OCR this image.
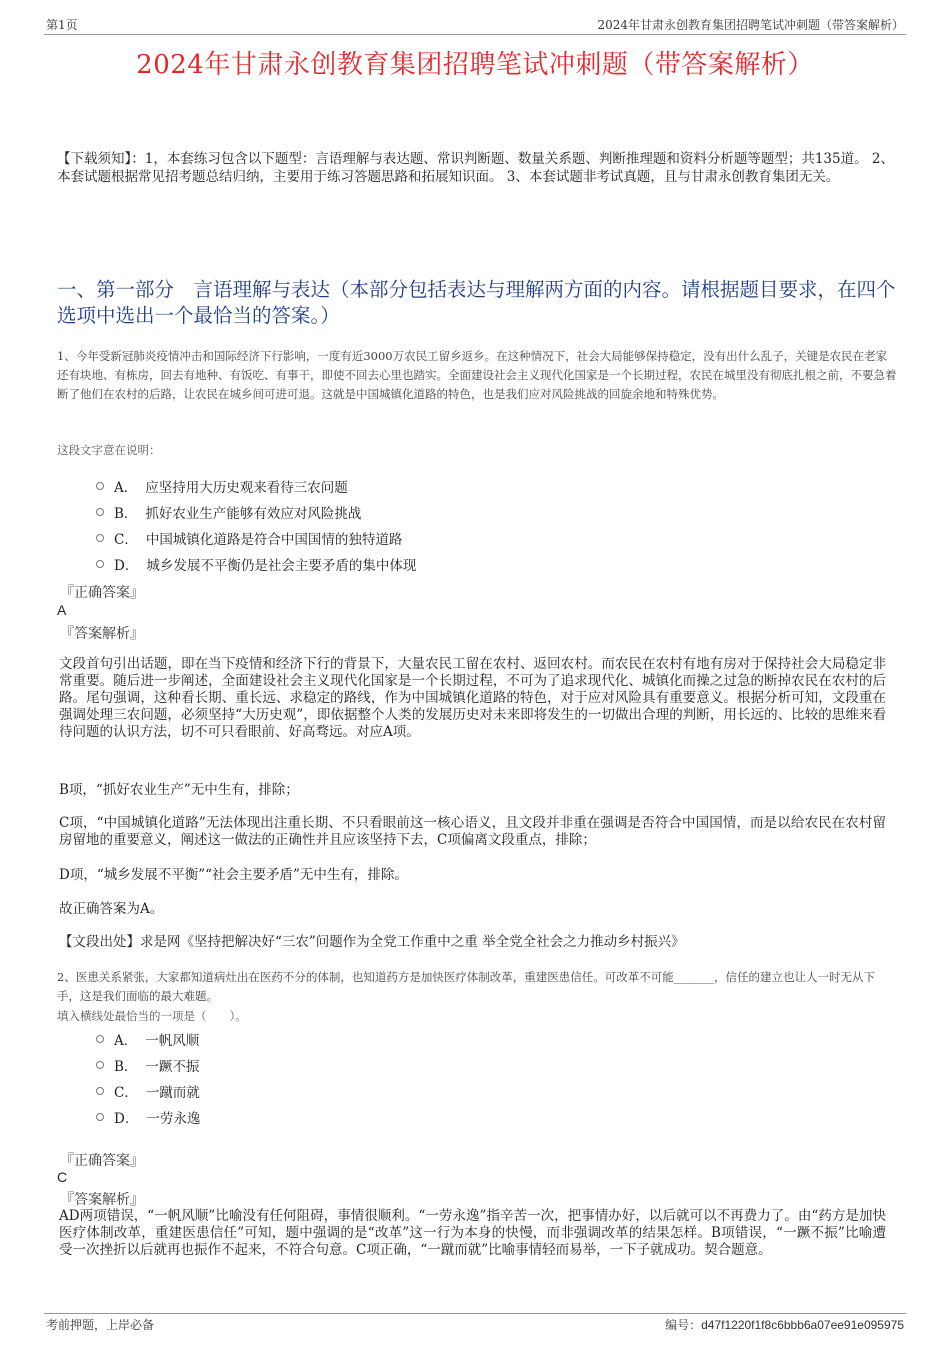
第1页	2024年甘肃永创教育集团招聘笔试冲刺题（带答案解析）
2024年甘肃永创教育集团招聘笔试冲刺题（带答案解析）
【下载须知】：1，本套练习包含以下题型：言语理解与表达题、常识判断题、数量关系题、判断推理题和资料分析题等题型；共135道。 2、本套试题根据常见招考题总结归纳，主要用于练习答题思路和拓展知识面。 3、本套试题非考试真题，且与甘肃永创教育集团无关。
一、第一部分　言语理解与表达（本部分包括表达与理解两方面的内容。请根据题目要求，在四个选项中选出一个最恰当的答案。）
1、今年受新冠肺炎疫情冲击和国际经济下行影响，一度有近3000万农民工留乡返乡。在这种情况下，社会大局能够保持稳定，没有出什么乱子，关键是农民在老家还有块地、有栋房，回去有地种、有饭吃、有事干，即使不回去心里也踏实。全面建设社会主义现代化国家是一个长期过程，农民在城里没有彻底扎根之前，不要急着断了他们在农村的后路，让农民在城乡间可进可退。这就是中国城镇化道路的特色，也是我们应对风险挑战的回旋余地和特殊优势。
这段文字意在说明：
A． 应坚持用大历史观来看待三农问题
B． 抓好农业生产能够有效应对风险挑战
C． 中国城镇化道路是符合中国国情的独特道路
D． 城乡发展不平衡仍是社会主要矛盾的集中体现
『正确答案』
A
『答案解析』
文段首句引出话题，即在当下疫情和经济下行的背景下，大量农民工留在农村、返回农村。而农民在农村有地有房对于保持社会大局稳定非常重要。随后进一步阐述，全面建设社会主义现代化国家是一个长期过程，不可为了追求现代化、城镇化而操之过急的断掉农民在农村的后路。尾句强调，这种看长期、重长远、求稳定的路线，作为中国城镇化道路的特色，对于应对风险具有重要意义。根据分析可知，文段重在强调处理三农问题，必须坚持“大历史观”，即依据整个人类的发展历史对未来即将发生的一切做出合理的判断，用长远的、比较的思维来看待问题的认识方法，切不可只看眼前、好高骛远。对应A项。
B项，“抓好农业生产”无中生有，排除；
C项，“中国城镇化道路”无法体现出注重长期、不只看眼前这一核心语义，且文段并非重在强调是否符合中国国情，而是以给农民在农村留房留地的重要意义，阐述这一做法的正确性并且应该坚持下去，C项偏离文段重点，排除；
D项，“城乡发展不平衡”“社会主要矛盾”无中生有，排除。
故正确答案为A。
【文段出处】求是网《坚持把解决好“三农”问题作为全党工作重中之重 举全党全社会之力推动乡村振兴》
2、医患关系紧张，大家都知道病灶出在医药不分的体制，也知道药方是加快医疗体制改革，重建医患信任。可改革不可能_______，信任的建立也让人一时无从下手，这是我们面临的最大难题。
填入横线处最恰当的一项是（　　）。
A． 一帆风顺
B． 一蹶不振
C． 一蹴而就
D． 一劳永逸
『正确答案』
C
『答案解析』
AD两项错误，“一帆风顺”比喻没有任何阻碍，事情很顺利。“一劳永逸”指辛苦一次，把事情办好，以后就可以不再费力了。由“药方是加快医疗体制改革，重建医患信任”可知，题中强调的是“改革”这一行为本身的快慢，而非强调改革的结果怎样。B项错误，“一蹶不振”比喻遭受一次挫折以后就再也振作不起来，不符合句意。C项正确，“一蹴而就”比喻事情轻而易举，一下子就成功。契合题意。
考前押题，上岸必备	编号：d47f1220f1f8c6bbb6a07ee91e095975
